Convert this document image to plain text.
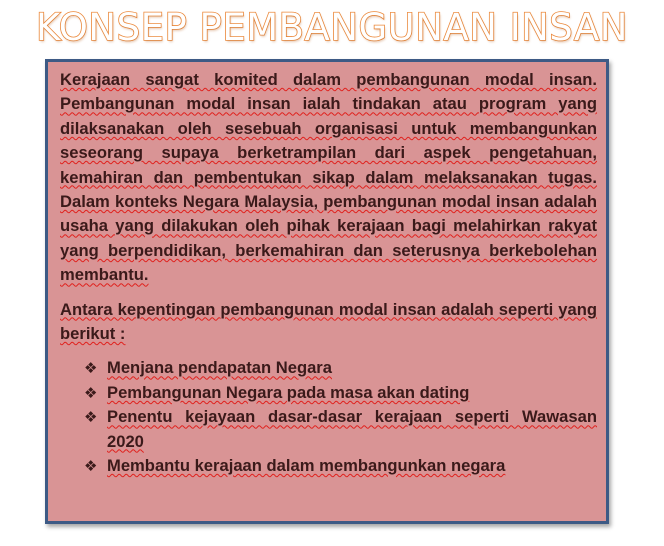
KONSEP PEMBANGUNAN INSAN

Kerajaan sangat komited dalam pembangunan modal insan. Pembangunan modal insan ialah tindakan atau program yang dilaksanakan oleh sesebuah organisasi untuk membangunkan seseorang supaya berketrampilan dari aspek pengetahuan, kemahiran dan pembentukan sikap dalam melaksanakan tugas. Dalam konteks Negara Malaysia, pembangunan modal insan adalah usaha yang dilakukan oleh pihak kerajaan bagi melahirkan rakyat yang berpendidikan, berkemahiran dan seterusnya berkebolehan membantu.

Antara kepentingan pembangunan modal insan adalah seperti yang berikut :

❖ Menjana pendapatan Negara
❖ Pembangunan Negara pada masa akan dating
❖ Penentu kejayaan dasar-dasar kerajaan seperti Wawasan 2020
❖ Membantu kerajaan dalam membangunkan negara
